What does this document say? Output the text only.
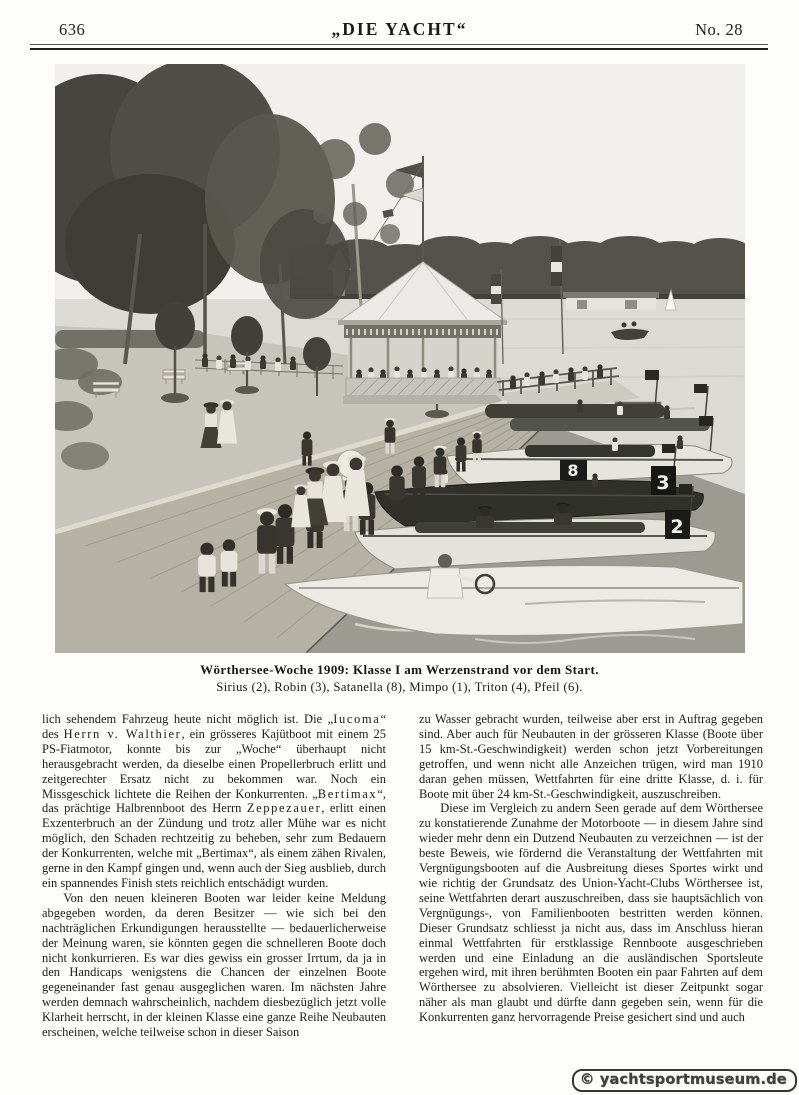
636	„DIE YACHT“	No. 28
8
3
2
Wörthersee-Woche 1909: Klasse I am Werzenstrand vor dem Start.
Sirius (2), Robin (3), Satanella (8), Mimpo (1), Triton (4), Pfeil (6).

lich sehendem Fahrzeug heute nicht möglich ist. Die „Iucoma“ des Herrn v. Walthier, ein grösseres Kajütboot mit einem 25 PS-Fiatmotor, konnte bis zur „Woche“ überhaupt nicht herausgebracht werden, da dieselbe einen Propellerbruch erlitt und zeitgerechter Ersatz nicht zu bekommen war. Noch ein Missgeschick lichtete die Reihen der Konkurrenten. „Bertimax“, das prächtige Halbrennboot des Herrn Zeppezauer, erlitt einen Exzenterbruch an der Zündung und trotz aller Mühe war es nicht möglich, den Schaden rechtzeitig zu beheben, sehr zum Bedauern der Konkurrenten, welche mit „Bertimax“, als einem zähen Rivalen, gerne in den Kampf gingen und, wenn auch der Sieg ausblieb, durch ein spannendes Finish stets reichlich entschädigt wurden.

Von den neuen kleineren Booten war leider keine Meldung abgegeben worden, da deren Besitzer — wie sich bei den nachträglichen Erkundigungen herausstellte — bedauerlicherweise der Meinung waren, sie könnten gegen die schnelleren Boote doch nicht konkurrieren. Es war dies gewiss ein grosser Irrtum, da ja in den Handicaps wenigstens die Chancen der einzelnen Boote gegeneinander fast genau ausgeglichen waren. Im nächsten Jahre werden demnach wahrscheinlich, nachdem diesbezüglich jetzt volle Klarheit herrscht, in der kleinen Klasse eine ganze Reihe Neubauten erscheinen, welche teilweise schon in dieser Saison

zu Wasser gebracht wurden, teilweise aber erst in Auftrag gegeben sind. Aber auch für Neubauten in der grösseren Klasse (Boote über 15 km-St.-Geschwindigkeit) werden schon jetzt Vorbereitungen getroffen, und wenn nicht alle Anzeichen trügen, wird man 1910 daran gehen müssen, Wettfahrten für eine dritte Klasse, d. i. für Boote mit über 24 km-St.-Geschwindigkeit, auszuschreiben.

Diese im Vergleich zu andern Seen gerade auf dem Wörthersee zu konstatierende Zunahme der Motorboote — in diesem Jahre sind wieder mehr denn ein Dutzend Neubauten zu verzeichnen — ist der beste Beweis, wie fördernd die Veranstaltung der Wettfahrten mit Vergnügungsbooten auf die Ausbreitung dieses Sportes wirkt und wie richtig der Grundsatz des Union-Yacht-Clubs Wörthersee ist, seine Wettfahrten derart auszuschreiben, dass sie hauptsächlich von Vergnügungs-, von Familienbooten bestritten werden können. Dieser Grundsatz schliesst ja nicht aus, dass im Anschluss hieran einmal Wettfahrten für erstklassige Rennboote ausgeschrieben werden und eine Einladung an die ausländischen Sportsleute ergehen wird, mit ihren berühmten Booten ein paar Fahrten auf dem Wörthersee zu absolvieren. Vielleicht ist dieser Zeitpunkt sogar näher als man glaubt und dürfte dann gegeben sein, wenn für die Konkurrenten ganz hervorragende Preise gesichert sind und auch

© yachtsportmuseum.de
